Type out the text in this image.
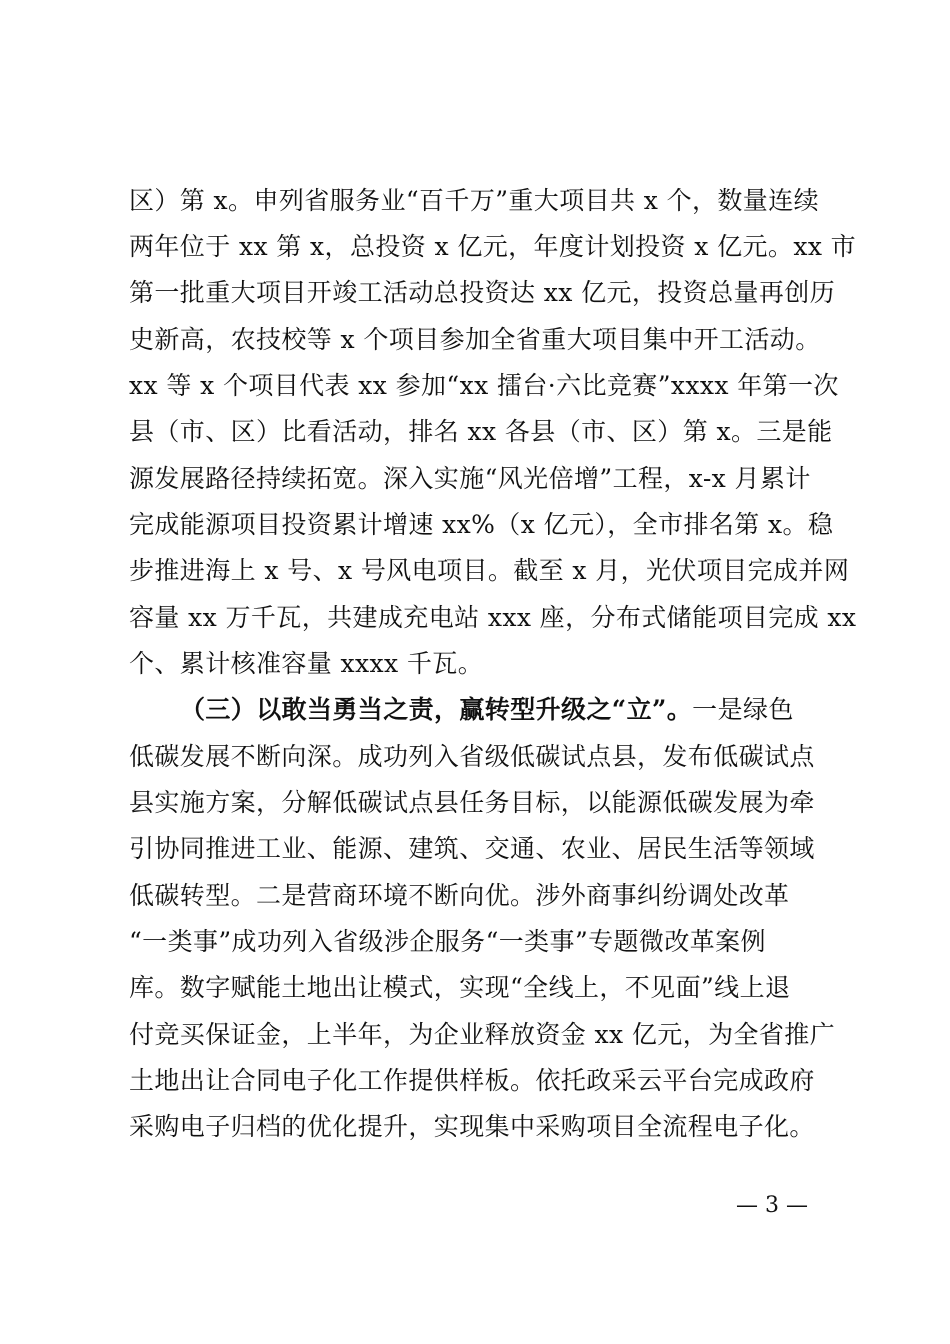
区）第 x。申列省服务业“百千万”重大项目共 x 个，数量连续
两年位于 xx 第 x，总投资 x 亿元，年度计划投资 x 亿元。xx 市
第一批重大项目开竣工活动总投资达 xx 亿元，投资总量再创历
史新高，农技校等 x 个项目参加全省重大项目集中开工活动。
xx 等 x 个项目代表 xx 参加“xx 擂台·六比竞赛”xxxx 年第一次
县（市、区）比看活动，排名 xx 各县（市、区）第 x。三是能
源发展路径持续拓宽。深入实施“风光倍增”工程，x-x 月累计
完成能源项目投资累计增速 xx%（x 亿元），全市排名第 x。稳
步推进海上 x 号、x 号风电项目。截至 x 月，光伏项目完成并网
容量 xx 万千瓦，共建成充电站 xxx 座，分布式储能项目完成 xx
个、累计核准容量 xxxx 千瓦。
（三）以敢当勇当之责，赢转型升级之“立”。一是绿色
低碳发展不断向深。成功列入省级低碳试点县，发布低碳试点
县实施方案，分解低碳试点县任务目标，以能源低碳发展为牵
引协同推进工业、能源、建筑、交通、农业、居民生活等领域
低碳转型。二是营商环境不断向优。涉外商事纠纷调处改革
“一类事”成功列入省级涉企服务“一类事”专题微改革案例
库。数字赋能土地出让模式，实现“全线上，不见面”线上退
付竞买保证金，上半年，为企业释放资金 xx 亿元，为全省推广
土地出让合同电子化工作提供样板。依托政采云平台完成政府
采购电子归档的优化提升，实现集中采购项目全流程电子化。
— 3 —
